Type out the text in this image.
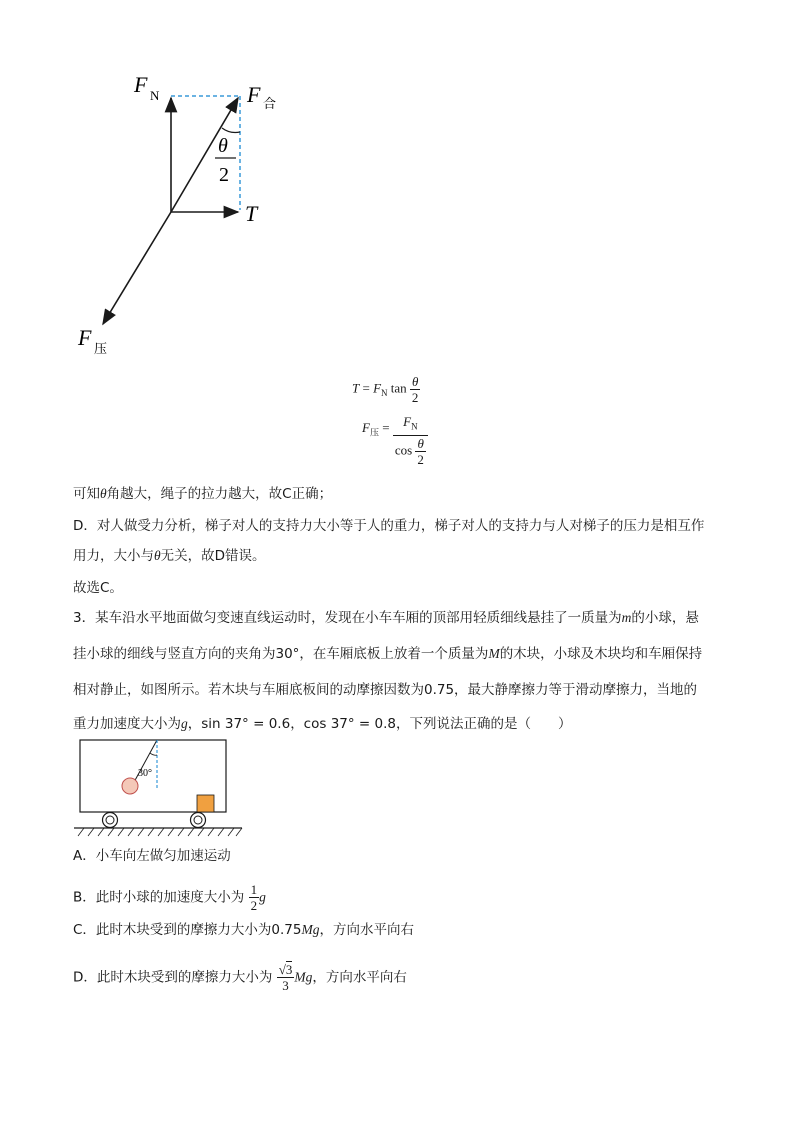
F N	F 合
T
F 压
θ
2
$T = F_N$ $\tan \frac{\theta}{2}$
$F_压 = \frac{F_N}{\cos \frac{\theta}{2}}$
可知θ角越大，绳子的拉力越大，故C正确；
D．对人做受力分析，梯子对人的支持力大小等于人的重力，梯子对人的支持力与人对梯子的压力是相互作
用力，大小与θ无关，故D错误。
故选C。
3．某车沿水平地面做匀变速直线运动时，发现在小车车厢的顶部用轻质细线悬挂了一质量为m的小球，悬
挂小球的细线与竖直方向的夹角为30°，在车厢底板上放着一个质量为M的木块，小球及木块均和车厢保持
相对静止，如图所示。若木块与车厢底板间的动摩擦因数为0.75，最大静摩擦力等于滑动摩擦力，当地的
重力加速度大小为g，sin 37° = 0.6，cos 37° = 0.8，下列说法正确的是（　　）
30°
A．小车向左做匀加速运动
B．此时小球的加速度大小为 $\frac{1}{2}$ g
C．此时木块受到的摩擦力大小为0.75Mg，方向水平向右
D．此时木块受到的摩擦力大小为 $\frac{√3}{3}$ Mg，方向水平向右
